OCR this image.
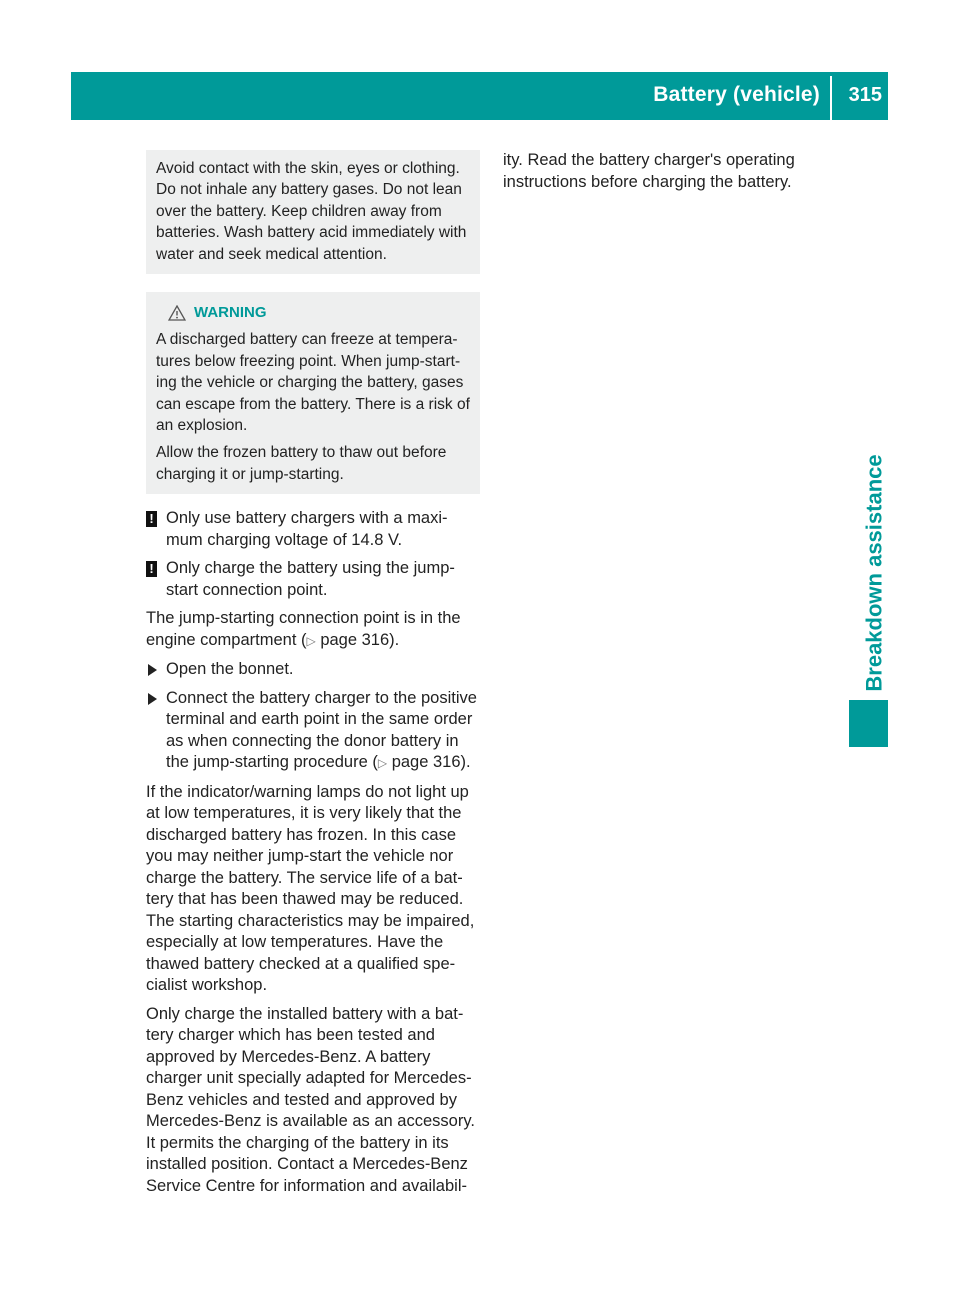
Battery (vehicle) 315
Breakdown assistance

Avoid contact with the skin, eyes or clothing. Do not inhale any battery gases. Do not lean over the battery. Keep children away from batteries. Wash battery acid immediately with water and seek medical attention.

WARNING

A discharged battery can freeze at tempera-tures below freezing point. When jump-start-ing the vehicle or charging the battery, gases can escape from the battery. There is a risk of an explosion.

Allow the frozen battery to thaw out before charging it or jump-starting.

! Only use battery chargers with a maxi-mum charging voltage of 14.8 V.
! Only charge the battery using the jump-start connection point.

The jump-starting connection point is in the engine compartment (▷ page 316).

Open the bonnet.
Connect the battery charger to the positive terminal and earth point in the same order as when connecting the donor battery in the jump-starting procedure (▷ page 316).

If the indicator/warning lamps do not light up at low temperatures, it is very likely that the discharged battery has frozen. In this case you may neither jump-start the vehicle nor charge the battery. The service life of a bat-tery that has been thawed may be reduced. The starting characteristics may be impaired, especially at low temperatures. Have the thawed battery checked at a qualified spe-cialist workshop.

Only charge the installed battery with a bat-tery charger which has been tested and approved by Mercedes-Benz. A battery charger unit specially adapted for Mercedes-Benz vehicles and tested and approved by Mercedes-Benz is available as an accessory. It permits the charging of the battery in its installed position. Contact a Mercedes-Benz Service Centre for information and availabil-

ity. Read the battery charger's operating instructions before charging the battery.
